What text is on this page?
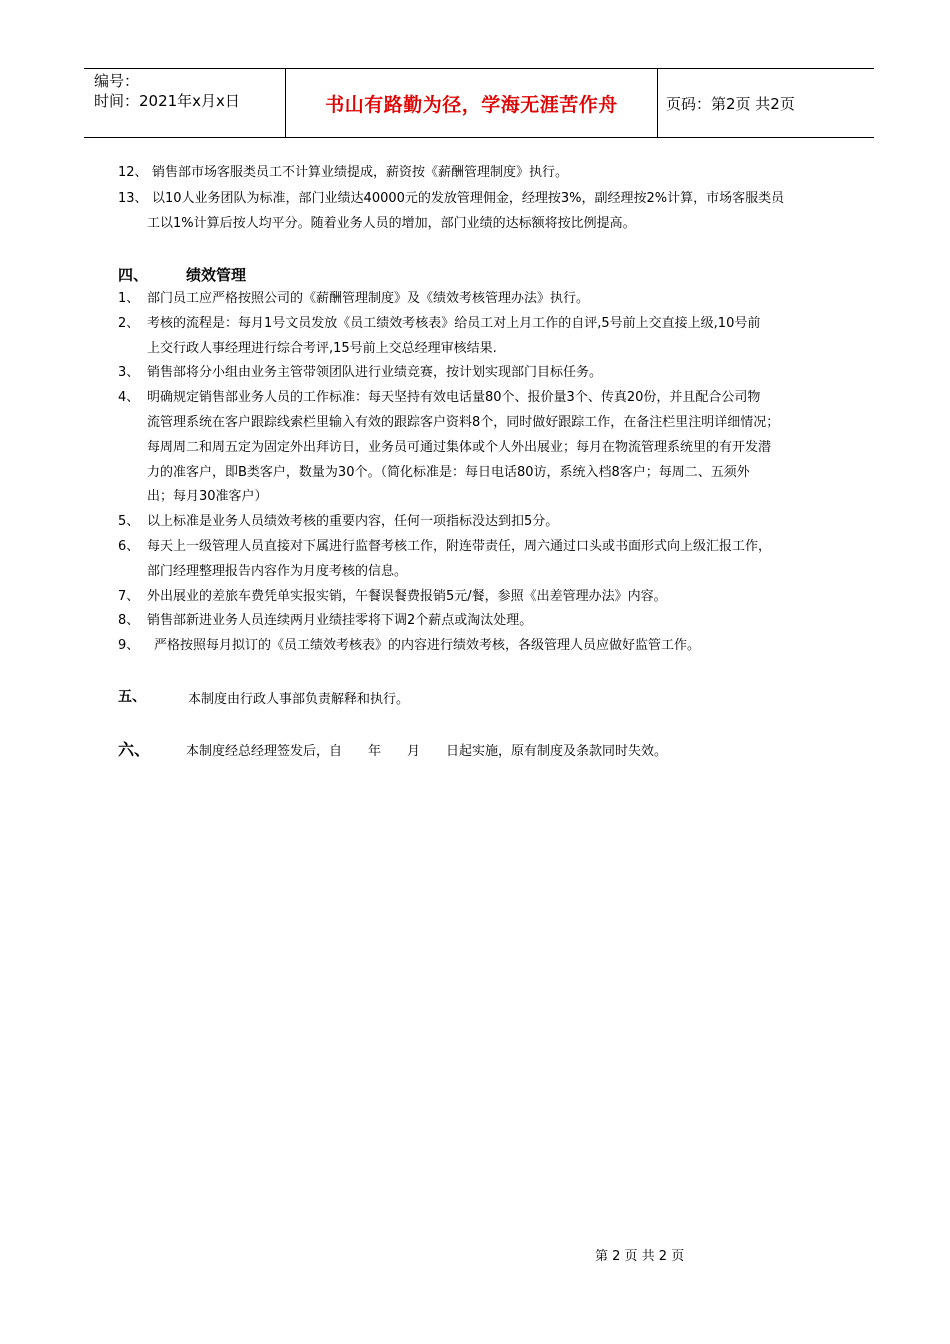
编号：
时间：2021年x月x日	书山有路勤为径，学海无涯苦作舟	页码：第2页 共2页
12、 销售部市场客服类员工不计算业绩提成，薪资按《薪酬管理制度》执行。
13、 以10人业务团队为标准，部门业绩达40000元的发放管理佣金，经理按3%，副经理按2%计算，市场客服类员
工以1%计算后按人均平分。随着业务人员的增加，部门业绩的达标额将按比例提高。
四、	绩效管理
1、 部门员工应严格按照公司的《薪酬管理制度》及《绩效考核管理办法》执行。
2、 考核的流程是：每月1号文员发放《员工绩效考核表》给员工对上月工作的自评,5号前上交直接上级,10号前
上交行政人事经理进行综合考评,15号前上交总经理审核结果.
3、 销售部将分小组由业务主管带领团队进行业绩竞赛，按计划实现部门目标任务。
4、 明确规定销售部业务人员的工作标准：每天坚持有效电话量80个、报价量3个、传真20份，并且配合公司物
流管理系统在客户跟踪线索栏里输入有效的跟踪客户资料8个，同时做好跟踪工作，在备注栏里注明详细情况；
每周周二和周五定为固定外出拜访日，业务员可通过集体或个人外出展业；每月在物流管理系统里的有开发潜
力的准客户，即B类客户，数量为30个。（简化标准是：每日电话80访，系统入档8客户；每周二、五须外
出；每月30准客户）
5、 以上标准是业务人员绩效考核的重要内容，任何一项指标没达到扣5分。
6、 每天上一级管理人员直接对下属进行监督考核工作，附连带责任，周六通过口头或书面形式向上级汇报工作，
部门经理整理报告内容作为月度考核的信息。
7、 外出展业的差旅车费凭单实报实销，午餐误餐费报销5元/餐，参照《出差管理办法》内容。
8、 销售部新进业务人员连续两月业绩挂零将下调2个薪点或淘汰处理。
9、 严格按照每月拟订的《员工绩效考核表》的内容进行绩效考核，各级管理人员应做好监管工作。
五、	本制度由行政人事部负责解释和执行。
六、	本制度经总经理签发后，自　　年　　月　　日起实施，原有制度及条款同时失效。
第 2 页 共 2 页
